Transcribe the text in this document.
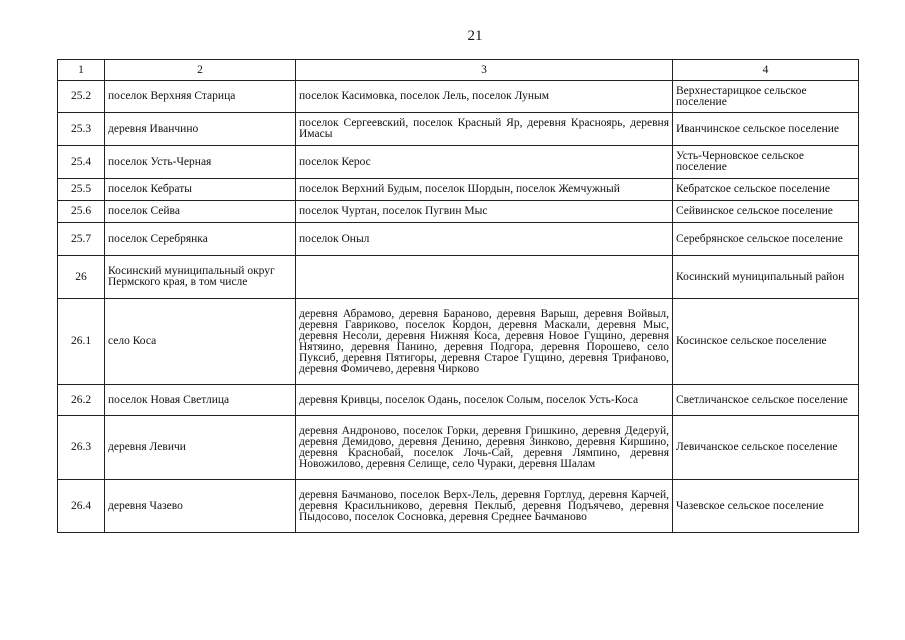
21
1	2	3	4
25.2	поселок Верхняя Старица	поселок Касимовка, поселок Лель, поселок Луным	Верхнестарицкое сельское поселение
25.3	деревня Иванчино	поселок Сергеевский, поселок Красный Яр, деревня Красноярь, деревня Имасы	Иванчинское сельское поселение
25.4	поселок Усть-Черная	поселок Керос	Усть-Черновское сельское поселение
25.5	поселок Кебраты	поселок Верхний Будым, поселок Шордын, поселок Жемчужный	Кебратское сельское поселение
25.6	поселок Сейва	поселок Чуртан, поселок Пугвин Мыс	Сейвинское сельское поселение
25.7	поселок Серебрянка	поселок Оныл	Серебрянское сельское поселение
26	Косинский муниципальный округ Пермского края, в том числе		Косинский муниципальный район
26.1	село Коса	деревня Абрамово, деревня Бараново, деревня Варыш, деревня Войвыл, деревня Гавриково, поселок Кордон, деревня Маскали, деревня Мыс, деревня Несоли, деревня Нижняя Коса, деревня Новое Гущино, деревня Нятяино, деревня Панино, деревня Подгора, деревня Порошево, село Пуксиб, деревня Пятигоры, деревня Старое Гущино, деревня Трифаново, деревня Фомичево, деревня Чирково	Косинское сельское поселение
26.2	поселок Новая Светлица	деревня Кривцы, поселок Одань, поселок Солым, поселок Усть-Коса	Светличанское сельское поселение
26.3	деревня Левичи	деревня Андроново, поселок Горки, деревня Гришкино, деревня Дедеруй, деревня Демидово, деревня Денино, деревня Зинково, деревня Киршино, деревня Краснобай, поселок Лочь-Сай, деревня Лямпино, деревня Новожилово, деревня Селище, село Чураки, деревня Шалам	Левичанское сельское поселение
26.4	деревня Чазево	деревня Бачманово, поселок Верх-Лель, деревня Гортлуд, деревня Карчей, деревня Красильниково, деревня Пеклыб, деревня Подъячево, деревня Пыдосово, поселок Сосновка, деревня Среднее Бачманово	Чазевское сельское поселение
